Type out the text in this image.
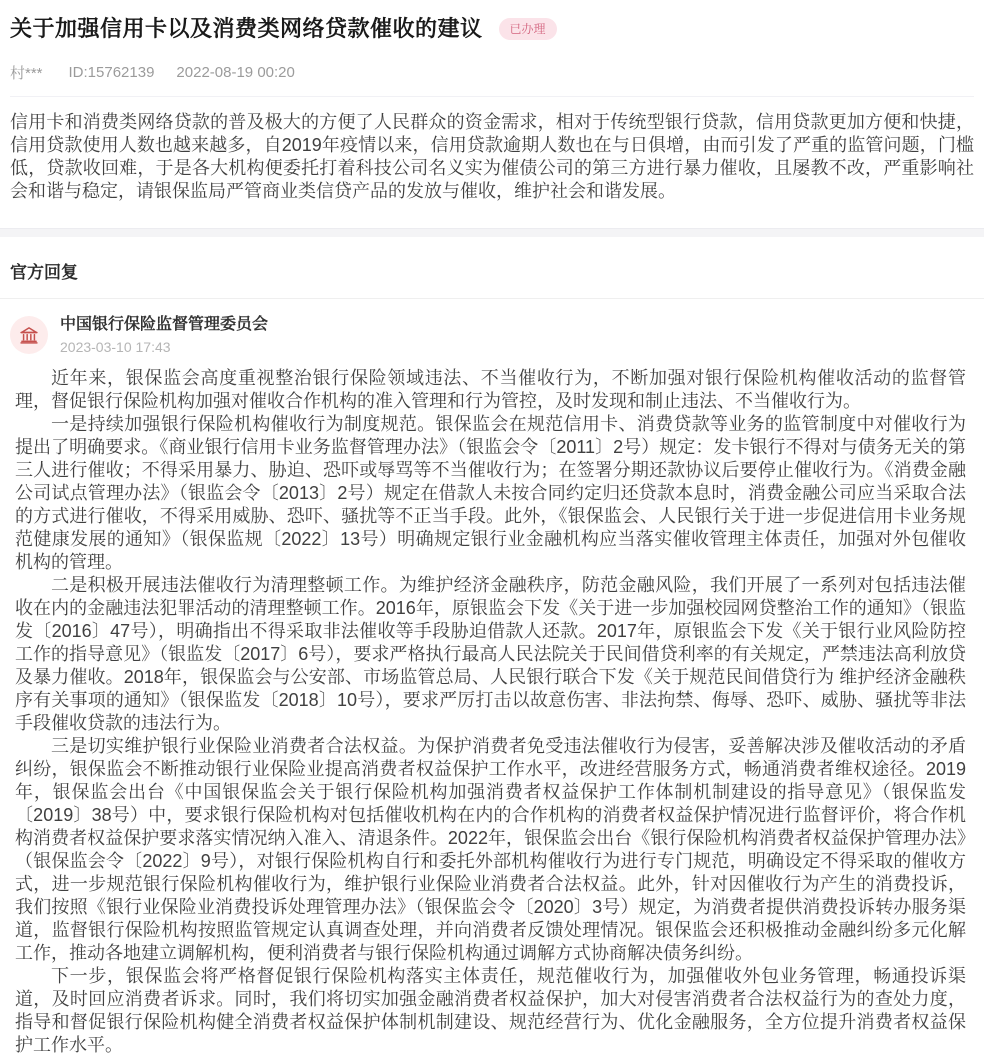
关于加强信用卡以及消费类网络贷款催收的建议	已办理
村*** ID:15762139 2022-08-19 00:20
信用卡和消费类网络贷款的普及极大的方便了人民群众的资金需求，相对于传统型银行贷款，信用贷款更加方便和快捷，信用贷款使用人数也越来越多，自2019年疫情以来，信用贷款逾期人数也在与日俱增，由而引发了严重的监管问题，门槛低，贷款收回难，于是各大机构便委托打着科技公司名义实为催债公司的第三方进行暴力催收，且屡教不改，严重影响社会和谐与稳定，请银保监局严管商业类信贷产品的发放与催收，维护社会和谐发展。
官方回复
中国银行保险监督管理委员会
2023-03-10 17:43

近年来，银保监会高度重视整治银行保险领域违法、不当催收行为，不断加强对银行保险机构催收活动的监督管理，督促银行保险机构加强对催收合作机构的准入管理和行为管控，及时发现和制止违法、不当催收行为。

一是持续加强银行保险机构催收行为制度规范。银保监会在规范信用卡、消费贷款等业务的监管制度中对催收行为提出了明确要求。《商业银行信用卡业务监督管理办法》（银监会令〔2011〕2号）规定：发卡银行不得对与债务无关的第三人进行催收；不得采用暴力、胁迫、恐吓或辱骂等不当催收行为；在签署分期还款协议后要停止催收行为。《消费金融公司试点管理办法》（银监会令〔2013〕2号）规定在借款人未按合同约定归还贷款本息时，消费金融公司应当采取合法的方式进行催收，不得采用威胁、恐吓、骚扰等不正当手段。此外，《银保监会、人民银行关于进一步促进信用卡业务规范健康发展的通知》（银保监规〔2022〕13号）明确规定银行业金融机构应当落实催收管理主体责任，加强对外包催收机构的管理。

二是积极开展违法催收行为清理整顿工作。为维护经济金融秩序，防范金融风险，我们开展了一系列对包括违法催收在内的金融违法犯罪活动的清理整顿工作。2016年，原银监会下发《关于进一步加强校园网贷整治工作的通知》（银监发〔2016〕47号），明确指出不得采取非法催收等手段胁迫借款人还款。2017年，原银监会下发《关于银行业风险防控工作的指导意见》（银监发〔2017〕6号），要求严格执行最高人民法院关于民间借贷利率的有关规定，严禁违法高利放贷及暴力催收。2018年，银保监会与公安部、市场监管总局、人民银行联合下发《关于规范民间借贷行为 维护经济金融秩序有关事项的通知》（银保监发〔2018〕10号），要求严厉打击以故意伤害、非法拘禁、侮辱、恐吓、威胁、骚扰等非法手段催收贷款的违法行为。

三是切实维护银行业保险业消费者合法权益。为保护消费者免受违法催收行为侵害，妥善解决涉及催收活动的矛盾纠纷，银保监会不断推动银行业保险业提高消费者权益保护工作水平，改进经营服务方式，畅通消费者维权途径。2019年，银保监会出台《中国银保监会关于银行保险机构加强消费者权益保护工作体制机制建设的指导意见》（银保监发〔2019〕38号）中，要求银行保险机构对包括催收机构在内的合作机构的消费者权益保护情况进行监督评价，将合作机构消费者权益保护要求落实情况纳入准入、清退条件。2022年，银保监会出台《银行保险机构消费者权益保护管理办法》（银保监会令〔2022〕9号），对银行保险机构自行和委托外部机构催收行为进行专门规范，明确设定不得采取的催收方式，进一步规范银行保险机构催收行为，维护银行业保险业消费者合法权益。此外，针对因催收行为产生的消费投诉，我们按照《银行业保险业消费投诉处理管理办法》（银保监会令〔2020〕3号）规定，为消费者提供消费投诉转办服务渠道，监督银行保险机构按照监管规定认真调查处理，并向消费者反馈处理情况。银保监会还积极推动金融纠纷多元化解工作，推动各地建立调解机构，便利消费者与银行保险机构通过调解方式协商解决债务纠纷。

下一步，银保监会将严格督促银行保险机构落实主体责任，规范催收行为，加强催收外包业务管理，畅通投诉渠道，及时回应消费者诉求。同时，我们将切实加强金融消费者权益保护，加大对侵害消费者合法权益行为的查处力度，指导和督促银行保险机构健全消费者权益保护体制机制建设、规范经营行为、优化金融服务，全方位提升消费者权益保护工作水平。
